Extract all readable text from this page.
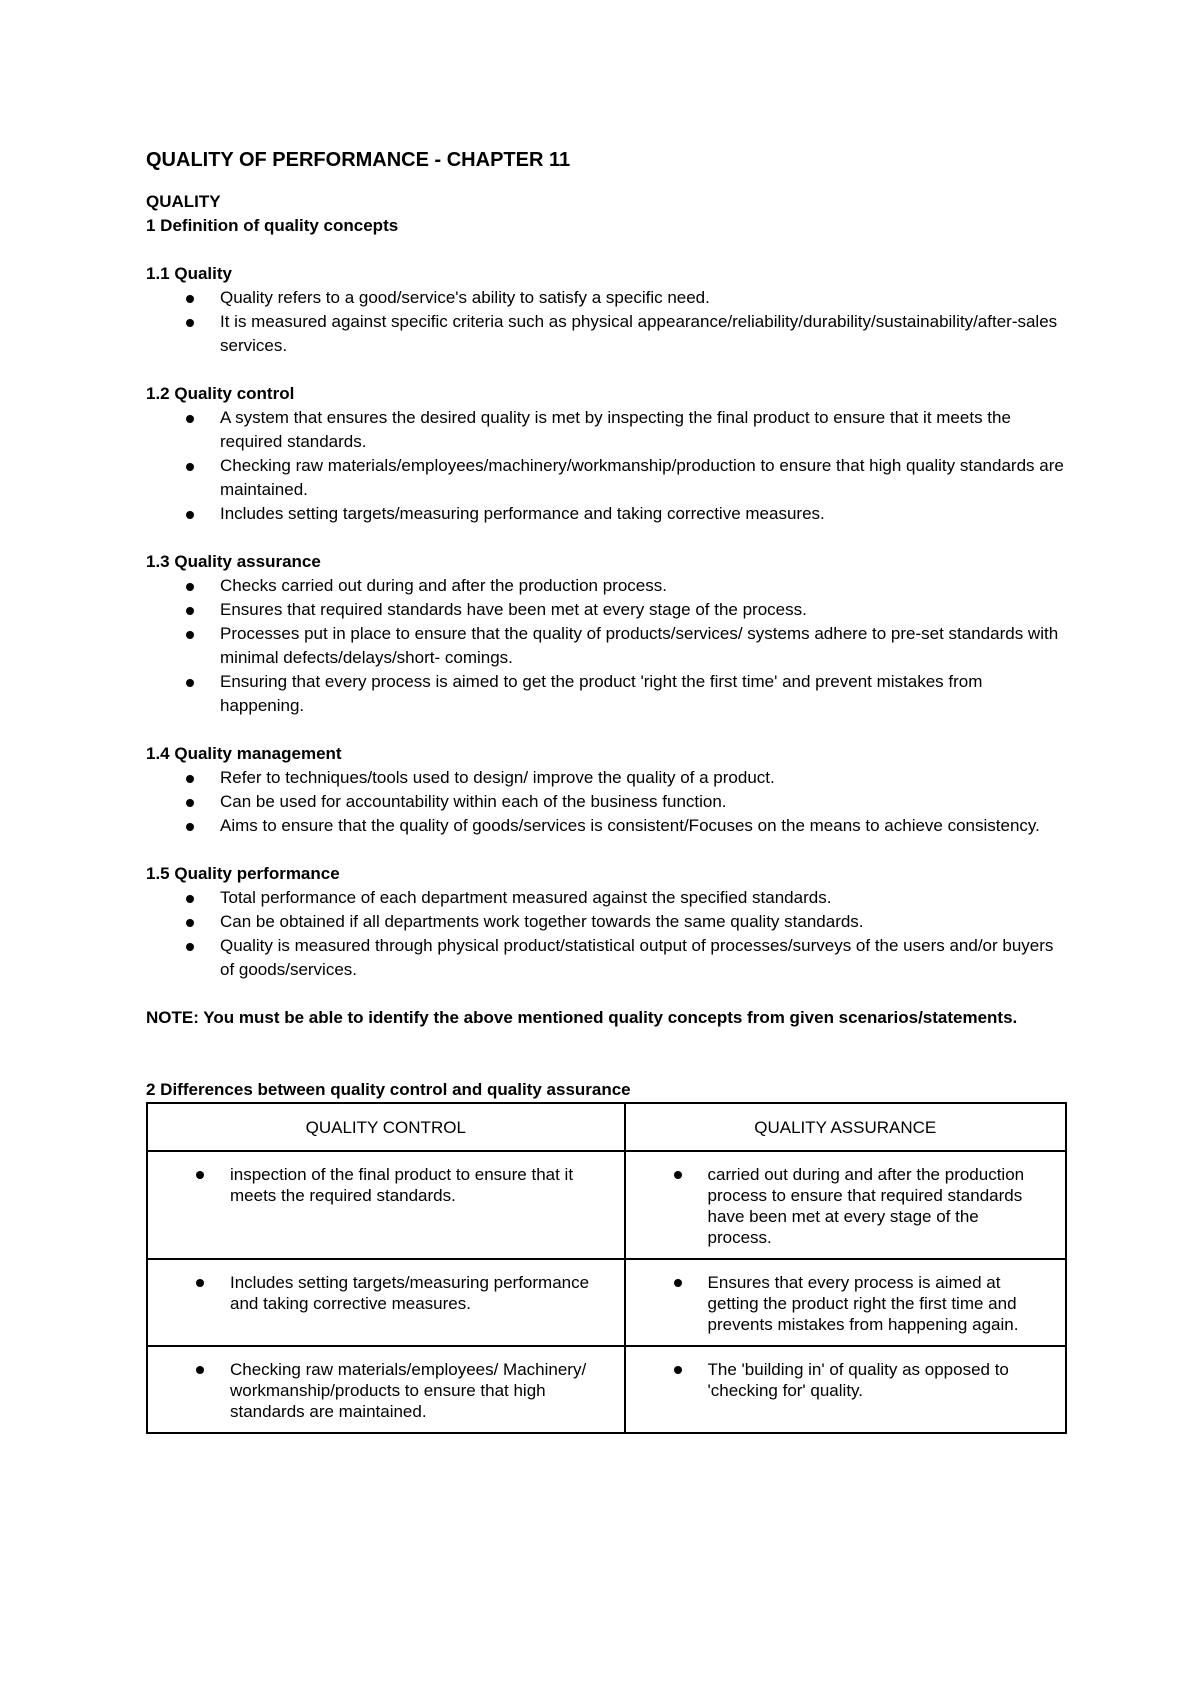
QUALITY OF PERFORMANCE - CHAPTER 11
QUALITY
1 Definition of quality concepts
1.1 Quality
Quality refers to a good/service's ability to satisfy a specific need.
It is measured against specific criteria such as physical appearance/reliability/durability/sustainability/after-sales services.
1.2 Quality control
A system that ensures the desired quality is met by inspecting the final product to ensure that it meets the required standards.
Checking raw materials/employees/machinery/workmanship/production to ensure that high quality standards are maintained.
Includes setting targets/measuring performance and taking corrective measures.
1.3 Quality assurance
Checks carried out during and after the production process.
Ensures that required standards have been met at every stage of the process.
Processes put in place to ensure that the quality of products/services/ systems adhere to pre-set standards with minimal defects/delays/short- comings.
Ensuring that every process is aimed to get the product 'right the first time' and prevent mistakes from happening.
1.4 Quality management
Refer to techniques/tools used to design/ improve the quality of a product.
Can be used for accountability within each of the business function.
Aims to ensure that the quality of goods/services is consistent/Focuses on the means to achieve consistency.
1.5 Quality performance
Total performance of each department measured against the specified standards.
Can be obtained if all departments work together towards the same quality standards.
Quality is measured through physical product/statistical output of processes/surveys of the users and/or buyers of goods/services.
NOTE: You must be able to identify the above mentioned quality concepts from given scenarios/statements.
2 Differences between quality control and quality assurance
QUALITY CONTROL	QUALITY ASSURANCE

inspection of the final product to ensure that it meets the required standards.	carried out during and after the production process to ensure that required standards have been met at every stage of the process.

Includes setting targets/measuring performance and taking corrective measures.	Ensures that every process is aimed at getting the product right the first time and prevents mistakes from happening again.

Checking raw materials/employees/ Machinery/ workmanship/products to ensure that high standards are maintained.	The 'building in' of quality as opposed to 'checking for' quality.
